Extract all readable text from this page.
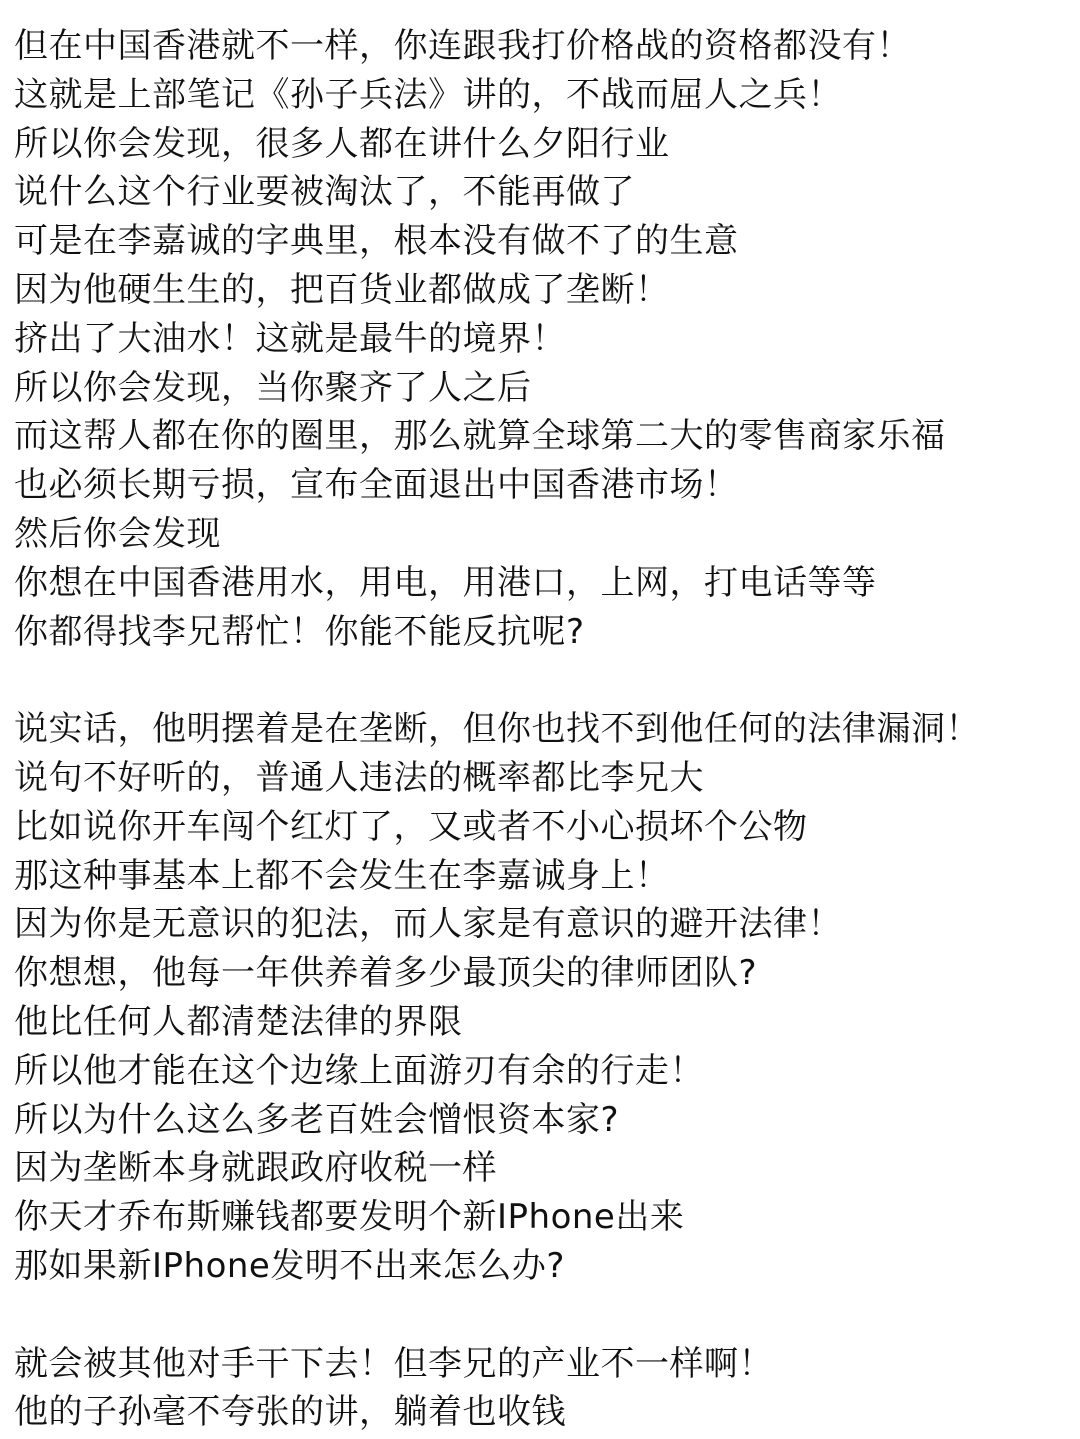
但在中国香港就不一样，你连跟我打价格战的资格都没有！
这就是上部笔记《孙子兵法》讲的，不战而屈人之兵！
所以你会发现，很多人都在讲什么夕阳行业
说什么这个行业要被淘汰了，不能再做了
可是在李嘉诚的字典里，根本没有做不了的生意
因为他硬生生的，把百货业都做成了垄断！
挤出了大油水！这就是最牛的境界！
所以你会发现，当你聚齐了人之后
而这帮人都在你的圈里，那么就算全球第二大的零售商家乐福
也必须长期亏损，宣布全面退出中国香港市场！
然后你会发现
你想在中国香港用水，用电，用港口，上网，打电话等等
你都得找李兄帮忙！你能不能反抗呢?
说实话，他明摆着是在垄断，但你也找不到他任何的法律漏洞！
说句不好听的，普通人违法的概率都比李兄大
比如说你开车闯个红灯了，又或者不小心损坏个公物
那这种事基本上都不会发生在李嘉诚身上！
因为你是无意识的犯法，而人家是有意识的避开法律！
你想想，他每一年供养着多少最顶尖的律师团队?
他比任何人都清楚法律的界限
所以他才能在这个边缘上面游刃有余的行走！
所以为什么这么多老百姓会憎恨资本家?
因为垄断本身就跟政府收税一样
你天才乔布斯赚钱都要发明个新IPhone出来
那如果新IPhone发明不出来怎么办?
就会被其他对手干下去！但李兄的产业不一样啊！
他的子孙毫不夸张的讲，躺着也收钱
